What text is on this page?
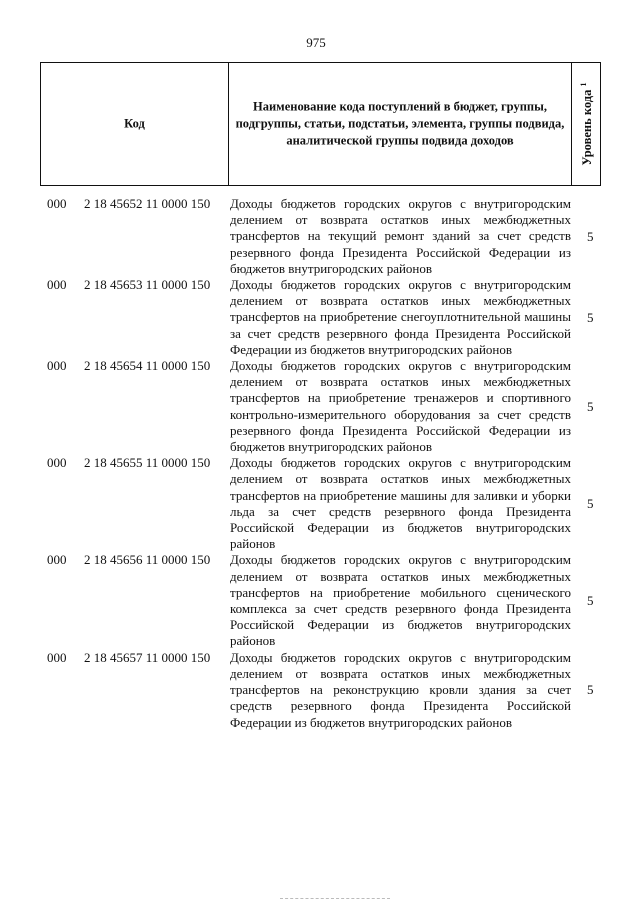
975
Код
Наименование кода поступлений в бюджет, группы, подгруппы, статьи, подстатьи, элемента, группы подвида, аналитической группы подвида доходов	Уровень кода $^1$
000 2 18 45652 11 0000 150 Доходы бюджетов городских округов с внутригородским делением от возврата остатков иных межбюджетных трансфертов на текущий ремонт зданий за счет средств резервного фонда Президента Российской Федерации из бюджетов внутригородских районов
5
000 2 18 45653 11 0000 150 Доходы бюджетов городских округов с внутригородским делением от возврата остатков иных межбюджетных трансфертов на приобретение снегоуплотнительной машины за счет средств резервного фонда Президента Российской Федерации из бюджетов внутригородских районов
5
000 2 18 45654 11 0000 150 Доходы бюджетов городских округов с внутригородским делением от возврата остатков иных межбюджетных трансфертов на приобретение тренажеров и спортивного контрольно-измерительного оборудования за счет средств резервного фонда Президента Российской Федерации из бюджетов внутригородских районов
5
000 2 18 45655 11 0000 150 Доходы бюджетов городских округов с внутригородским делением от возврата остатков иных межбюджетных трансфертов на приобретение машины для заливки и уборки льда за счет средств резервного фонда Президента Российской Федерации из бюджетов внутригородских районов
5
000 2 18 45656 11 0000 150 Доходы бюджетов городских округов с внутригородским делением от возврата остатков иных межбюджетных трансфертов на приобретение мобильного сценического комплекса за счет средств резервного фонда Президента Российской Федерации из бюджетов внутригородских районов
5
000 2 18 45657 11 0000 150 Доходы бюджетов городских округов с внутригородским делением от возврата остатков иных межбюджетных трансфертов на реконструкцию кровли здания за счет средств резервного фонда Президента Российской Федерации из бюджетов внутригородских районов
5
